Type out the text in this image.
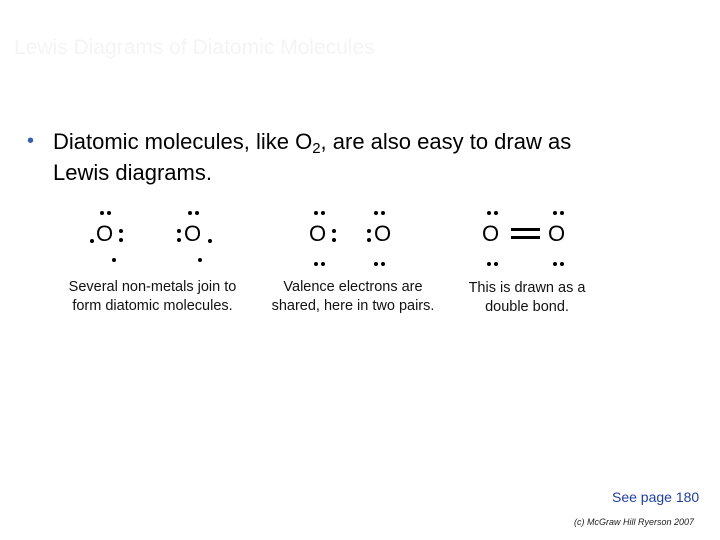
Lewis Diagrams of Diatomic Molecules
• Diatomic molecules, like $O_2$, are also easy to draw as
Lewis diagrams.
O	O	O O	O O
Several non-metals join to form diatomic molecules.
Valence electrons are shared, here in two pairs.
This is drawn as a double bond.
See page 180
(c) McGraw Hill Ryerson 2007
